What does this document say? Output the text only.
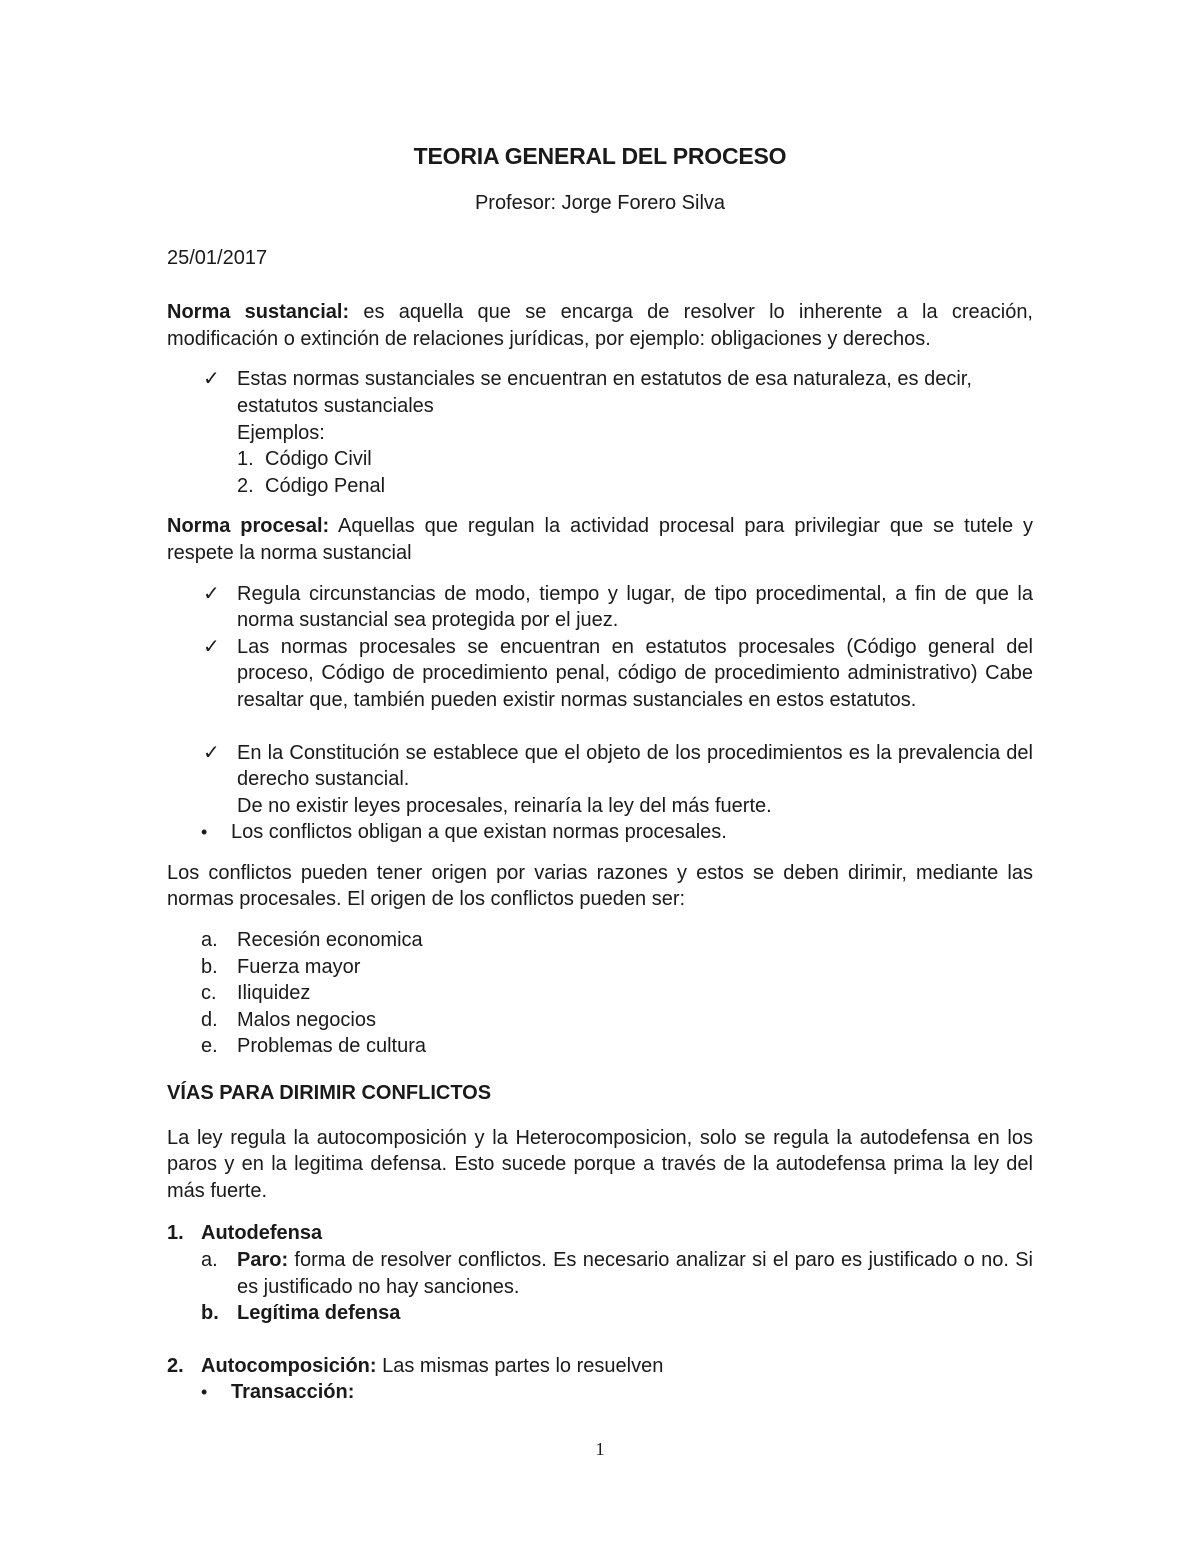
TEORIA GENERAL DEL PROCESO

Profesor: Jorge Forero Silva

25/01/2017

Norma sustancial: es aquella que se encarga de resolver lo inherente a la creación, modificación o extinción de relaciones jurídicas, por ejemplo: obligaciones y derechos.

✓ Estas normas sustanciales se encuentran en estatutos de esa naturaleza, es decir, estatutos sustanciales
Ejemplos:
1. Código Civil
2. Código Penal

Norma procesal: Aquellas que regulan la actividad procesal para privilegiar que se tutele y respete la norma sustancial

✓ Regula circunstancias de modo, tiempo y lugar, de tipo procedimental, a fin de que la norma sustancial sea protegida por el juez.
✓ Las normas procesales se encuentran en estatutos procesales (Código general del proceso, Código de procedimiento penal, código de procedimiento administrativo) Cabe resaltar que, también pueden existir normas sustanciales en estos estatutos.
✓ En la Constitución se establece que el objeto de los procedimientos es la prevalencia del derecho sustancial.
De no existir leyes procesales, reinaría la ley del más fuerte.
• Los conflictos obligan a que existan normas procesales.

Los conflictos pueden tener origen por varias razones y estos se deben dirimir, mediante las normas procesales. El origen de los conflictos pueden ser:

a. Recesión economica
b. Fuerza mayor
c. Iliquidez
d. Malos negocios
e. Problemas de cultura

VÍAS PARA DIRIMIR CONFLICTOS

La ley regula la autocomposición y la Heterocomposicion, solo se regula la autodefensa en los paros y en la legitima defensa. Esto sucede porque a través de la autodefensa prima la ley del más fuerte.

1. Autodefensa
a. Paro: forma de resolver conflictos. Es necesario analizar si el paro es justificado o no. Si es justificado no hay sanciones.
b. Legítima defensa
2. Autocomposición: Las mismas partes lo resuelven
• Transacción:
1
